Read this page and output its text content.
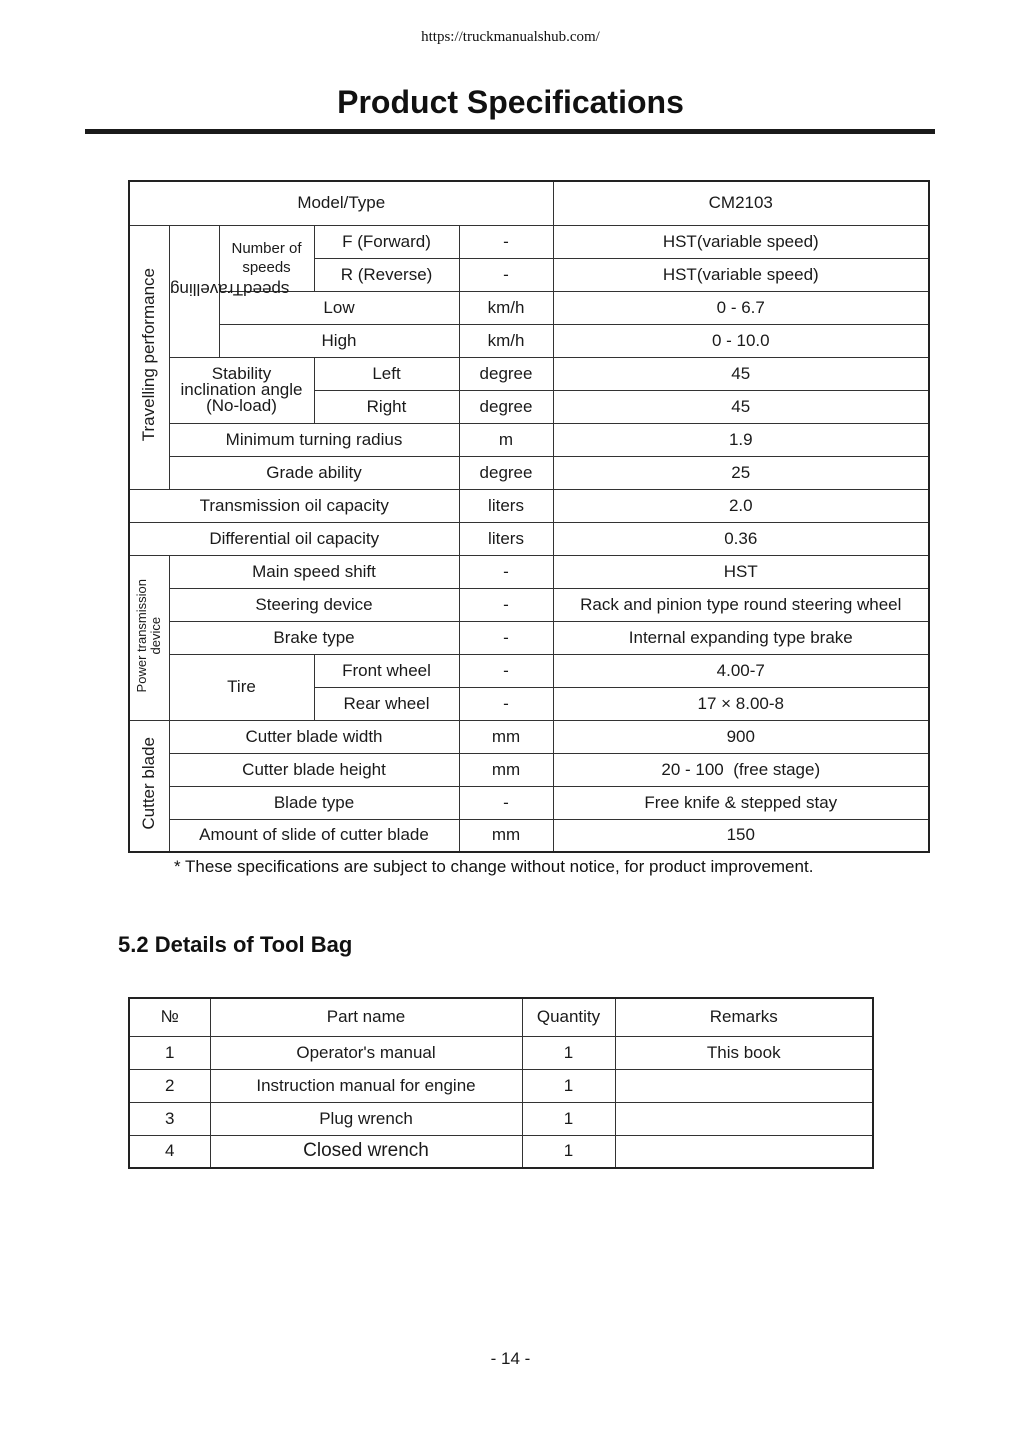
https://truckmanualshub.com/
Product Specifications
Model/Type					CM2103
Travelling performance	Travelling speed	Number of speeds	F (Forward)	-	HST(variable speed)
			R (Reverse)	-	HST(variable speed)
		Low		km/h	0 - 6.7
		High		km/h	0 - 10.0

	Stability
inclination angle
(No-load)		Left	degree	45
			Right	degree	45
	Minimum turning radius			m	1.9
	Grade ability			degree	25
Transmission oil capacity				liters	2.0
Differential oil capacity				liters	0.36

Power transmission device	Main speed shift			-	HST
	Steering device			-	Rack and pinion type round steering wheel
	Brake type			-	Internal expanding type brake
	Tire		Front wheel	-	4.00-7
			Rear wheel	-	17 × 8.00-8
Cutter blade	Cutter blade width			mm	900
	Cutter blade height			mm	20 - 100  (free stage)
	Blade type			-	Free knife & stepped stay
	Amount of slide of cutter blade			mm	150
* These specifications are subject to change without notice, for product improvement.
5.2 Details of Tool Bag
№	Part name	Quantity	Remarks
1	Operator's manual	1	This book
2	Instruction manual for engine	1	
3	Plug wrench	1	
4	Closed wrench	1	
- 14 -
